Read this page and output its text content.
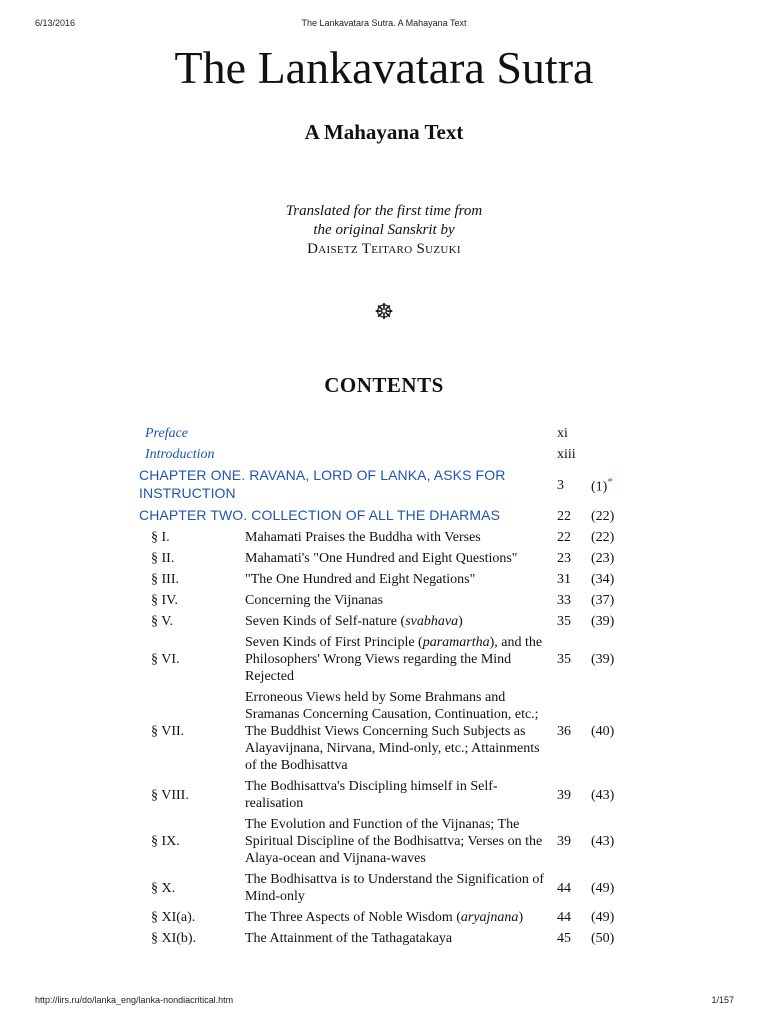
6/13/2016	The Lankavatara Sutra. A Mahayana Text
The Lankavatara Sutra
A Mahayana Text
Translated for the first time from
the original Sanskrit by
Daisetz Teitaro Suzuki
☸
CONTENTS
Preface		xi	
Introduction		xiii	
CHAPTER ONE. RAVANA, LORD OF LANKA, ASKS FOR INSTRUCTION		3	(1)*
CHAPTER TWO. COLLECTION OF ALL THE DHARMAS		22	(22)
§ I.	Mahamati Praises the Buddha with Verses	22	(22)
§ II.	Mahamati's "One Hundred and Eight Questions"	23	(23)
§ III.	"The One Hundred and Eight Negations"	31	(34)
§ IV.	Concerning the Vijnanas	33	(37)
§ V.	Seven Kinds of Self-nature (svabhava)	35	(39)
§ VI.	Seven Kinds of First Principle (paramartha), and the Philosophers' Wrong Views regarding the Mind Rejected	35	(39)
§ VII.	Erroneous Views held by Some Brahmans and Sramanas Concerning Causation, Continuation, etc.; The Buddhist Views Concerning Such Subjects as Alayavijnana, Nirvana, Mind-only, etc.; Attainments of the Bodhisattva	36	(40)
§ VIII.	The Bodhisattva's Discipling himself in Self-realisation	39	(43)
§ IX.	The Evolution and Function of the Vijnanas; The Spiritual Discipline of the Bodhisattva; Verses on the Alaya-ocean and Vijnana-waves	39	(43)
§ X.	The Bodhisattva is to Understand the Signification of Mind-only	44	(49)
§ XI(a).	The Three Aspects of Noble Wisdom (aryajnana)	44	(49)
§ XI(b).	The Attainment of the Tathagatakaya	45	(50)
http://lirs.ru/do/lanka_eng/lanka-nondiacritical.htm	1/157
